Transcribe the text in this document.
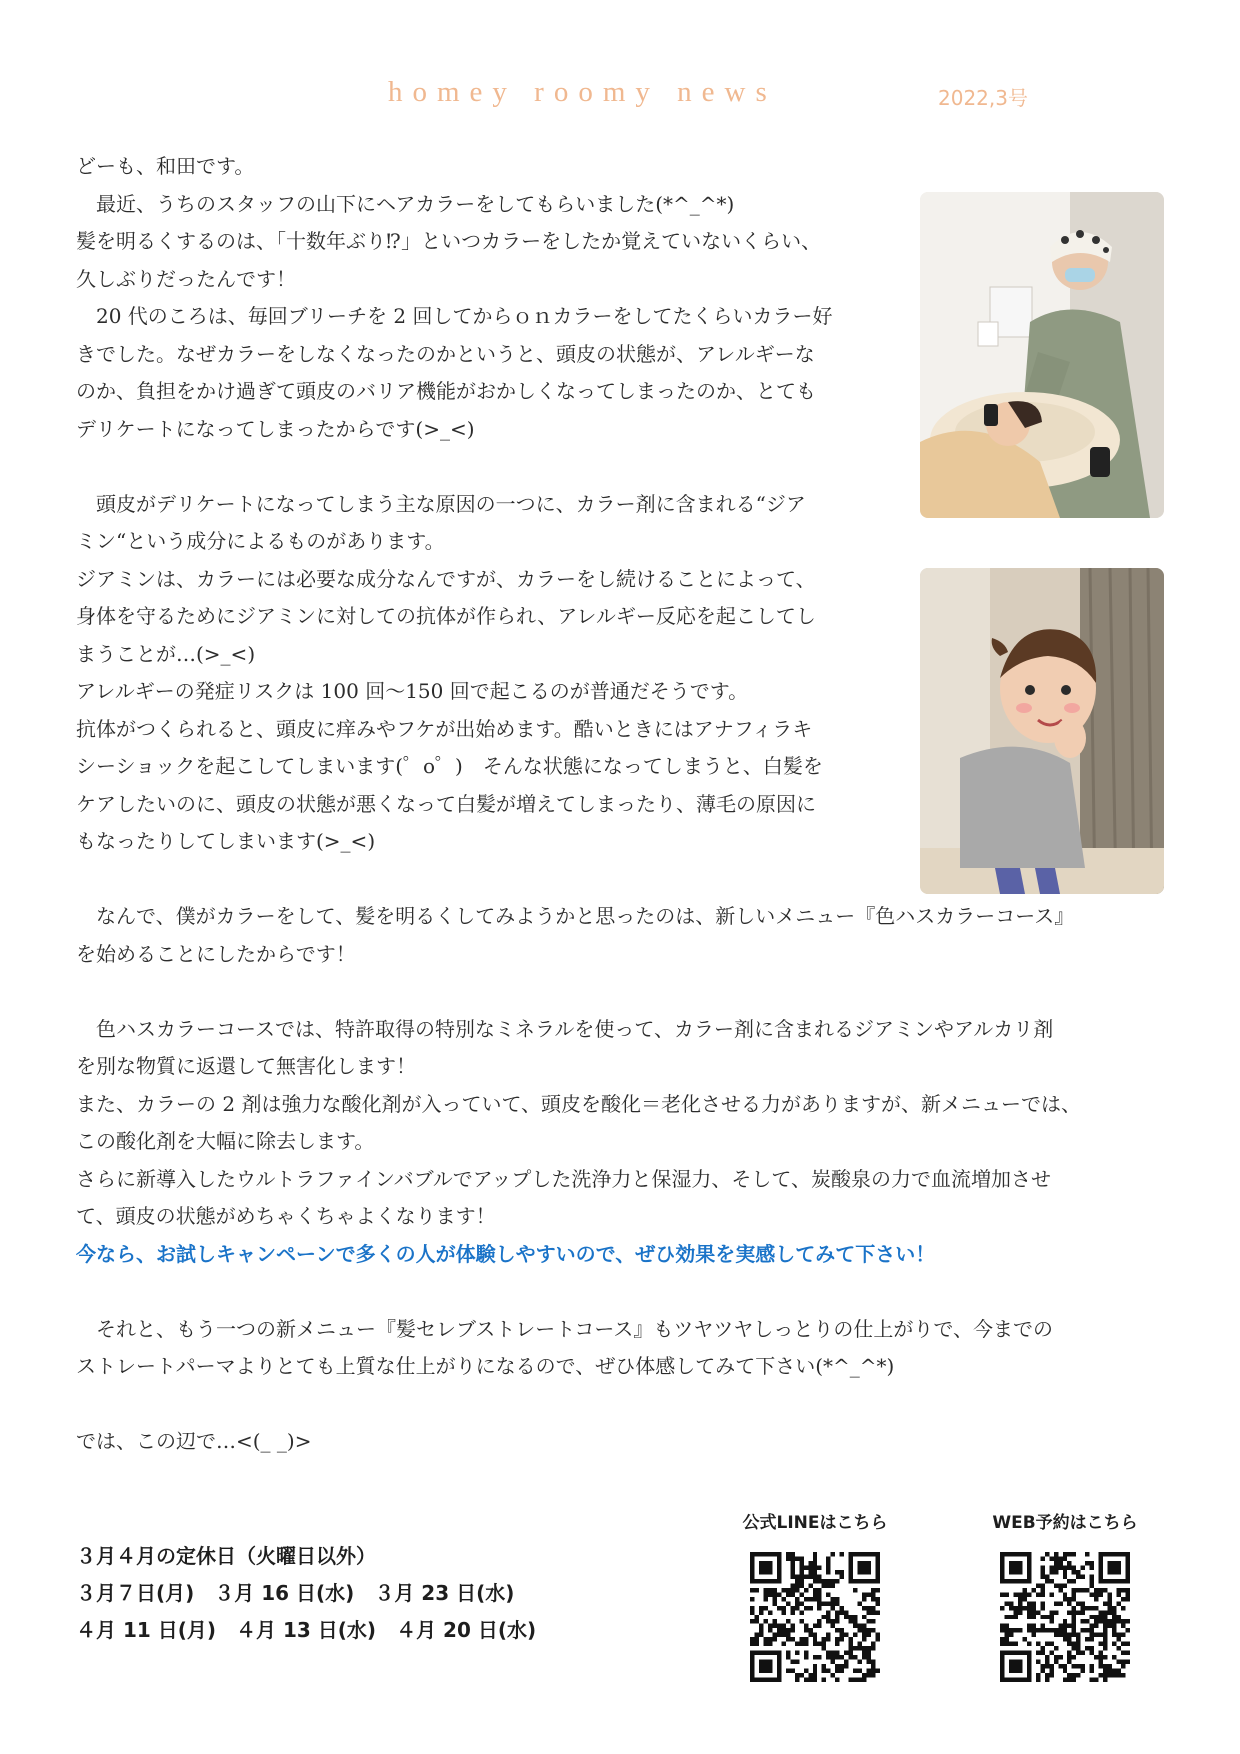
homey roomy news	2022,3号

どーも、和田です。

　最近、うちのスタッフの山下にヘアカラーをしてもらいました(*^_^*)

髪を明るくするのは、「十数年ぶり⁉」といつカラーをしたか覚えていないくらい、

久しぶりだったんです！

　20 代のころは、毎回ブリーチを 2 回してからｏｎカラーをしてたくらいカラー好

きでした。なぜカラーをしなくなったのかというと、頭皮の状態が、アレルギーな

のか、負担をかけ過ぎて頭皮のバリア機能がおかしくなってしまったのか、とても

デリケートになってしまったからです(>_<)

　頭皮がデリケートになってしまう主な原因の一つに、カラー剤に含まれる“ジア

ミン“という成分によるものがあります。

ジアミンは、カラーには必要な成分なんですが、カラーをし続けることによって、

身体を守るためにジアミンに対しての抗体が作られ、アレルギー反応を起こしてし

まうことが…(>_<)

アレルギーの発症リスクは 100 回～150 回で起こるのが普通だそうです。

抗体がつくられると、頭皮に痒みやフケが出始めます。酷いときにはアナフィラキ

シーショックを起こしてしまいます(゜o゜)　そんな状態になってしまうと、白髪を

ケアしたいのに、頭皮の状態が悪くなって白髪が増えてしまったり、薄毛の原因に

もなったりしてしまいます(>_<)

　なんで、僕がカラーをして、髪を明るくしてみようかと思ったのは、新しいメニュー『色ハスカラーコース』

を始めることにしたからです！

　色ハスカラーコースでは、特許取得の特別なミネラルを使って、カラー剤に含まれるジアミンやアルカリ剤

を別な物質に返還して無害化します！

また、カラーの 2 剤は強力な酸化剤が入っていて、頭皮を酸化＝老化させる力がありますが、新メニューでは、

この酸化剤を大幅に除去します。

さらに新導入したウルトラファインバブルでアップした洗浄力と保湿力、そして、炭酸泉の力で血流増加させ

て、頭皮の状態がめちゃくちゃよくなります！

今なら、お試しキャンペーンで多くの人が体験しやすいので、ぜひ効果を実感してみて下さい！

　それと、もう一つの新メニュー『髪セレブストレートコース』もツヤツヤしっとりの仕上がりで、今までの

ストレートパーマよりとても上質な仕上がりになるので、ぜひ体感してみて下さい(*^_^*)

では、この辺で…<(_ _)>

３月４月の定休日（火曜日以外）
３月７日(月)　３月 16 日(水)　３月 23 日(水)
４月 11 日(月)　４月 13 日(水)　４月 20 日(水)
公式LINEはこちら	WEB予約はこちら
